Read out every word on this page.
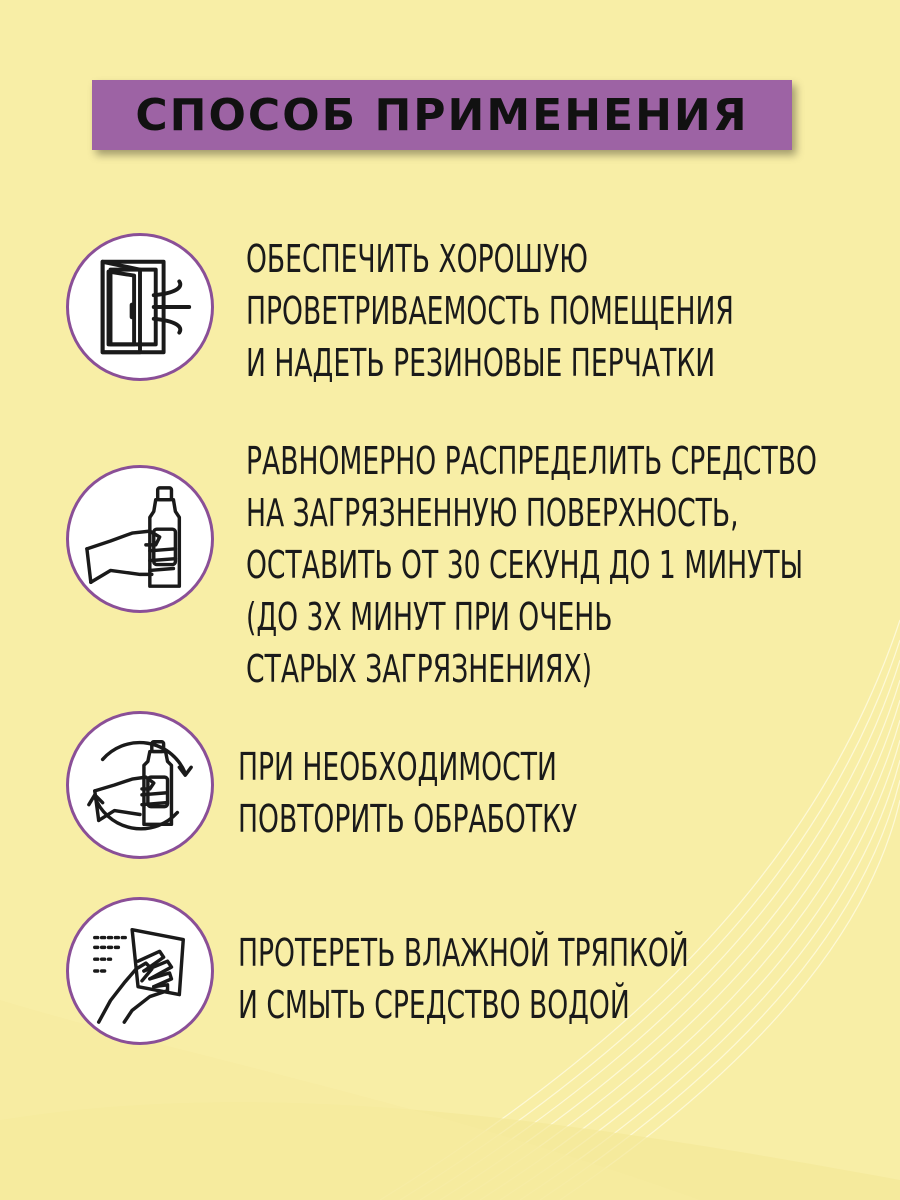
СПОСОБ ПРИМЕНЕНИЯ
ОБЕСПЕЧИТЬ ХОРОШУЮ
ПРОВЕТРИВАЕМОСТЬ ПОМЕЩЕНИЯ
И НАДЕТЬ РЕЗИНОВЫЕ ПЕРЧАТКИ
РАВНОМЕРНО РАСПРЕДЕЛИТЬ СРЕДСТВО
НА ЗАГРЯЗНЕННУЮ ПОВЕРХНОСТЬ,
ОСТАВИТЬ ОТ 30 СЕКУНД ДО 1 МИНУТЫ
(ДО 3Х МИНУТ ПРИ ОЧЕНЬ
СТАРЫХ ЗАГРЯЗНЕНИЯХ)
ПРИ НЕОБХОДИМОСТИ
ПОВТОРИТЬ ОБРАБОТКУ
ПРОТЕРЕТЬ ВЛАЖНОЙ ТРЯПКОЙ
И СМЫТЬ СРЕДСТВО ВОДОЙ
